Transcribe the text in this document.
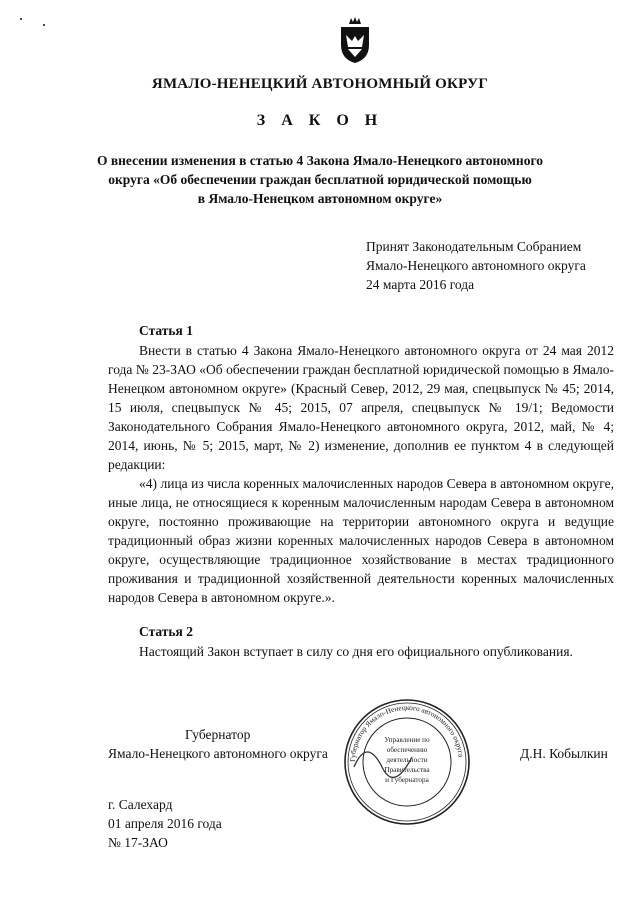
ЯМАЛО-НЕНЕЦКИЙ АВТОНОМНЫЙ ОКРУГ
З А К О Н
О внесении изменения в статью 4 Закона Ямало-Ненецкого автономного
округа «Об обеспечении граждан бесплатной юридической помощью
в Ямало-Ненецком автономном округе»
Принят Законодательным Собранием
Ямало-Ненецкого автономного округа
24 марта 2016 года
Статья 1

Внести в статью 4 Закона Ямало-Ненецкого автономного округа от 24 мая 2012 года № 23-ЗАО «Об обеспечении граждан бесплатной юридической помощью в Ямало-Ненецком автономном округе» (Красный Север, 2012, 29 мая, спецвыпуск № 45; 2014, 15 июля, спецвыпуск № 45; 2015, 07 апреля, спецвыпуск № 19/1; Ведомости Законодательного Собрания Ямало-Ненецкого автономного округа, 2012, май, № 4; 2014, июнь, № 5; 2015, март, № 2) изменение, дополнив ее пунктом 4 в следующей редакции:

«4) лица из числа коренных малочисленных народов Севера в автономном округе, иные лица, не относящиеся к коренным малочисленным народам Севера в автономном округе, постоянно проживающие на территории автономного округа и ведущие традиционный образ жизни коренных малочисленных народов Севера в автономном округе, осуществляющие традиционное хозяйствование в местах традиционного проживания и традиционной хозяйственной деятельности коренных малочисленных народов Севера в автономном округе.».

Статья 2

Настоящий Закон вступает в силу со дня его официального опубликования.

Губернатор
Ямало-Ненецкого автономного округа	Д.Н. Кобылкин
Губернатор Ямало-Ненецкого автономного округа
Управление по
обеспечению
деятельности
Правительства
и Губернатора
г. Салехард
01 апреля 2016 года
№ 17-ЗАО
